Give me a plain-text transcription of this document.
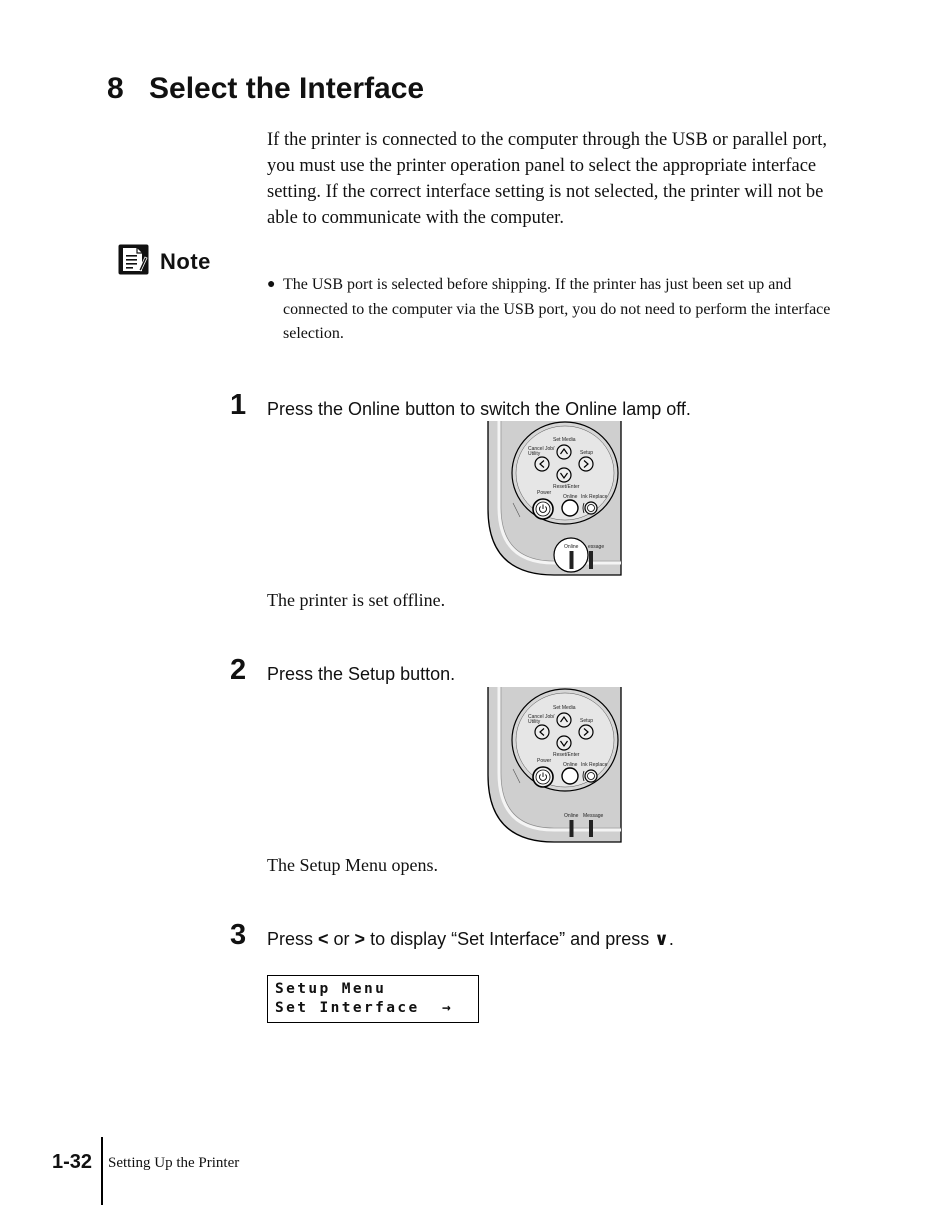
8 Select the Interface
If the printer is connected to the computer through the USB or parallel port, you must use the printer operation panel to select the appropriate interface setting. If the correct interface setting is not selected, the printer will not be able to communicate with the computer.
Note
● The USB port is selected before shipping. If the printer has just been set up and connected to the computer via the USB port, you do not need to perform the interface selection.
1 Press the Online button to switch the Online lamp off.
Set Media
Cancel Job/
Utility	Setup
Reset/Enter
Power
Online Ink Replace
Online essage
The printer is set offline.
2 Press the Setup button.
Set Media
Cancel Job/
Utility	Setup
Reset/Enter
Power
Online Ink Replace
Online Message
The Setup Menu opens.
3 Press < or > to display “Set Interface” and press ∨.
Setup Menu
Set Interface  →
1-32 Setting Up the Printer
